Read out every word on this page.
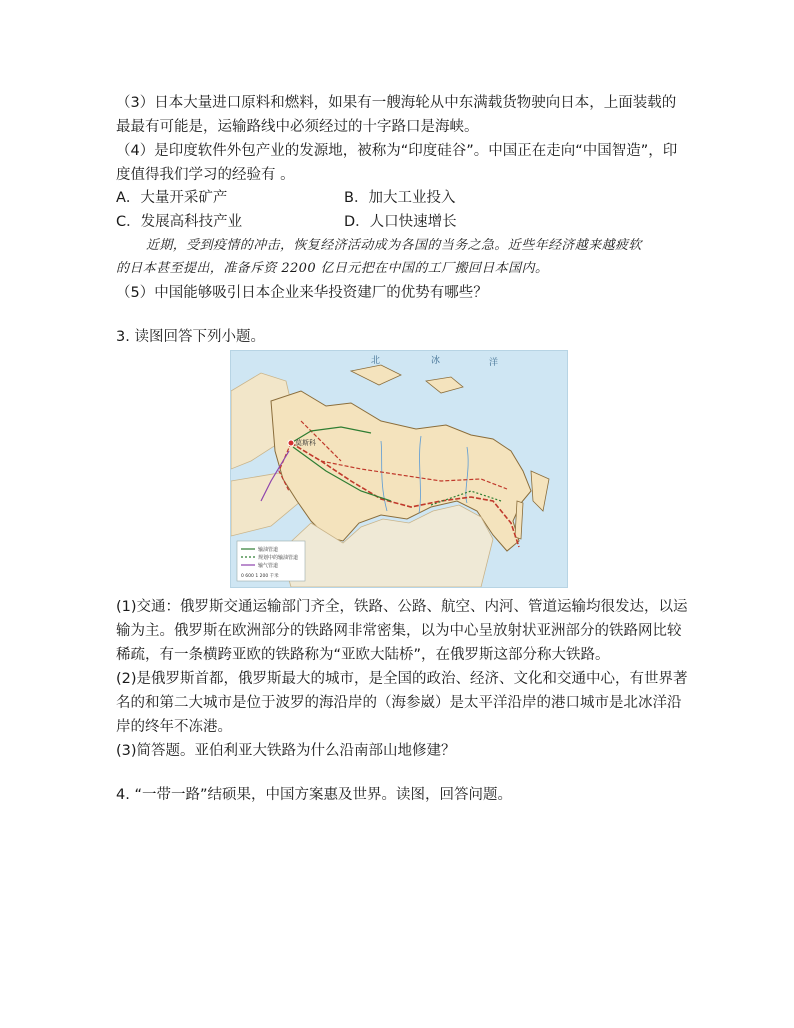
（3）日本大量进口原料和燃料，如果有一艘海轮从中东满载货物驶向日本，上面装载的
最最有可能是，运输路线中必须经过的十字路口是海峡。
（4）是印度软件外包产业的发源地，被称为“印度硅谷”。中国正在走向“中国智造”，印
度值得我们学习的经验有 。
A．大量开采矿产	B．加大工业投入
C．发展高科技产业	D．人口快速增长
近期，受到疫情的冲击，恢复经济活动成为各国的当务之急。近些年经济越来越疲软
的日本甚至提出，准备斥资 2200 亿日元把在中国的工厂搬回日本国内。
（5）中国能够吸引日本企业来华投资建厂的优势有哪些？
3. 读图回答下列小题。
莫斯科
北	冰	洋
输油管道
规划中的输油管道
输气管道
0 600 1 200 千米
(1)交通：俄罗斯交通运输部门齐全，铁路、公路、航空、内河、管道运输均很发达，以运
输为主。俄罗斯在欧洲部分的铁路网非常密集，以为中心呈放射状亚洲部分的铁路网比较
稀疏，有一条横跨亚欧的铁路称为“亚欧大陆桥”，在俄罗斯这部分称大铁路。
(2)是俄罗斯首都，俄罗斯最大的城市，是全国的政治、经济、文化和交通中心，有世界著
名的和第二大城市是位于波罗的海沿岸的（海参崴）是太平洋沿岸的港口城市是北冰洋沿
岸的终年不冻港。
(3)简答题。亚伯利亚大铁路为什么沿南部山地修建？
4. “一带一路”结硕果，中国方案惠及世界。读图，回答问题。
